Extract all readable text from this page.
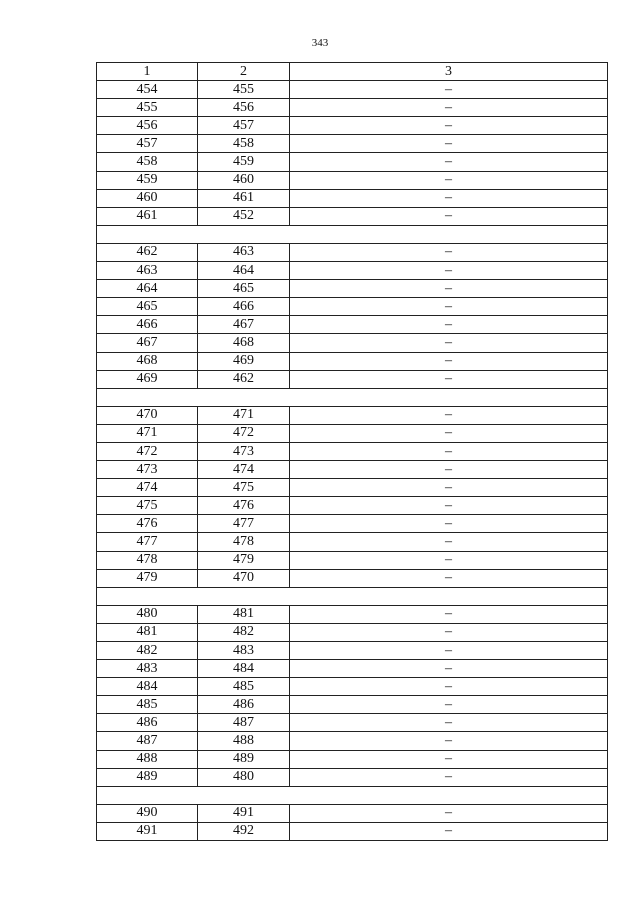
343
1	2	3
454	455	–
455	456	–
456	457	–
457	458	–
458	459	–
459	460	–
460	461	–
461	452	–

462	463	–
463	464	–
464	465	–
465	466	–
466	467	–
467	468	–
468	469	–
469	462	–

470	471	–
471	472	–
472	473	–
473	474	–
474	475	–
475	476	–
476	477	–
477	478	–
478	479	–
479	470	–

480	481	–
481	482	–
482	483	–
483	484	–
484	485	–
485	486	–
486	487	–
487	488	–
488	489	–
489	480	–

490	491	–
491	492	–
